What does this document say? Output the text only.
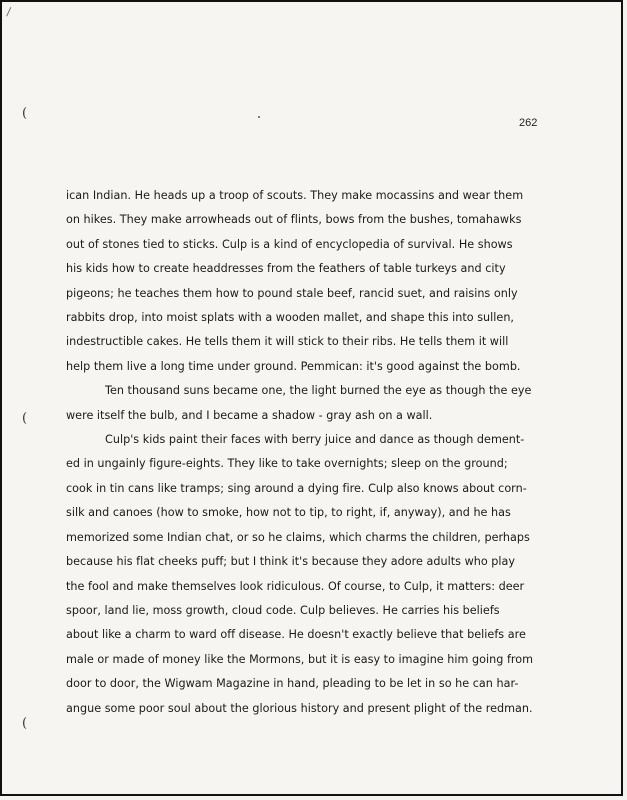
(
(
(
262
ican Indian. He heads up a troop of scouts. They make mocassins and wear them
on hikes. They make arrowheads out of flints, bows from the bushes, tomahawks
out of stones tied to sticks. Culp is a kind of encyclopedia of survival. He shows
his kids how to create headdresses from the feathers of table turkeys and city
pigeons; he teaches them how to pound stale beef, rancid suet, and raisins only
rabbits drop, into moist splats with a wooden mallet, and shape this into sullen,
indestructible cakes. He tells them it will stick to their ribs. He tells them it will
help them live a long time under ground. Pemmican: it's good against the bomb.
Ten thousand suns became one, the light burned the eye as though the eye
were itself the bulb, and I became a shadow - gray ash on a wall.
Culp's kids paint their faces with berry juice and dance as though dement-
ed in ungainly figure-eights. They like to take overnights; sleep on the ground;
cook in tin cans like tramps; sing around a dying fire. Culp also knows about corn-
silk and canoes (how to smoke, how not to tip, to right, if, anyway), and he has
memorized some Indian chat, or so he claims, which charms the children, perhaps
because his flat cheeks puff; but I think it's because they adore adults who play
the fool and make themselves look ridiculous. Of course, to Culp, it matters: deer
spoor, land lie, moss growth, cloud code. Culp believes. He carries his beliefs
about like a charm to ward off disease. He doesn't exactly believe that beliefs are
male or made of money like the Mormons, but it is easy to imagine him going from
door to door, the Wigwam Magazine in hand, pleading to be let in so he can har-
angue some poor soul about the glorious history and present plight of the redman.
